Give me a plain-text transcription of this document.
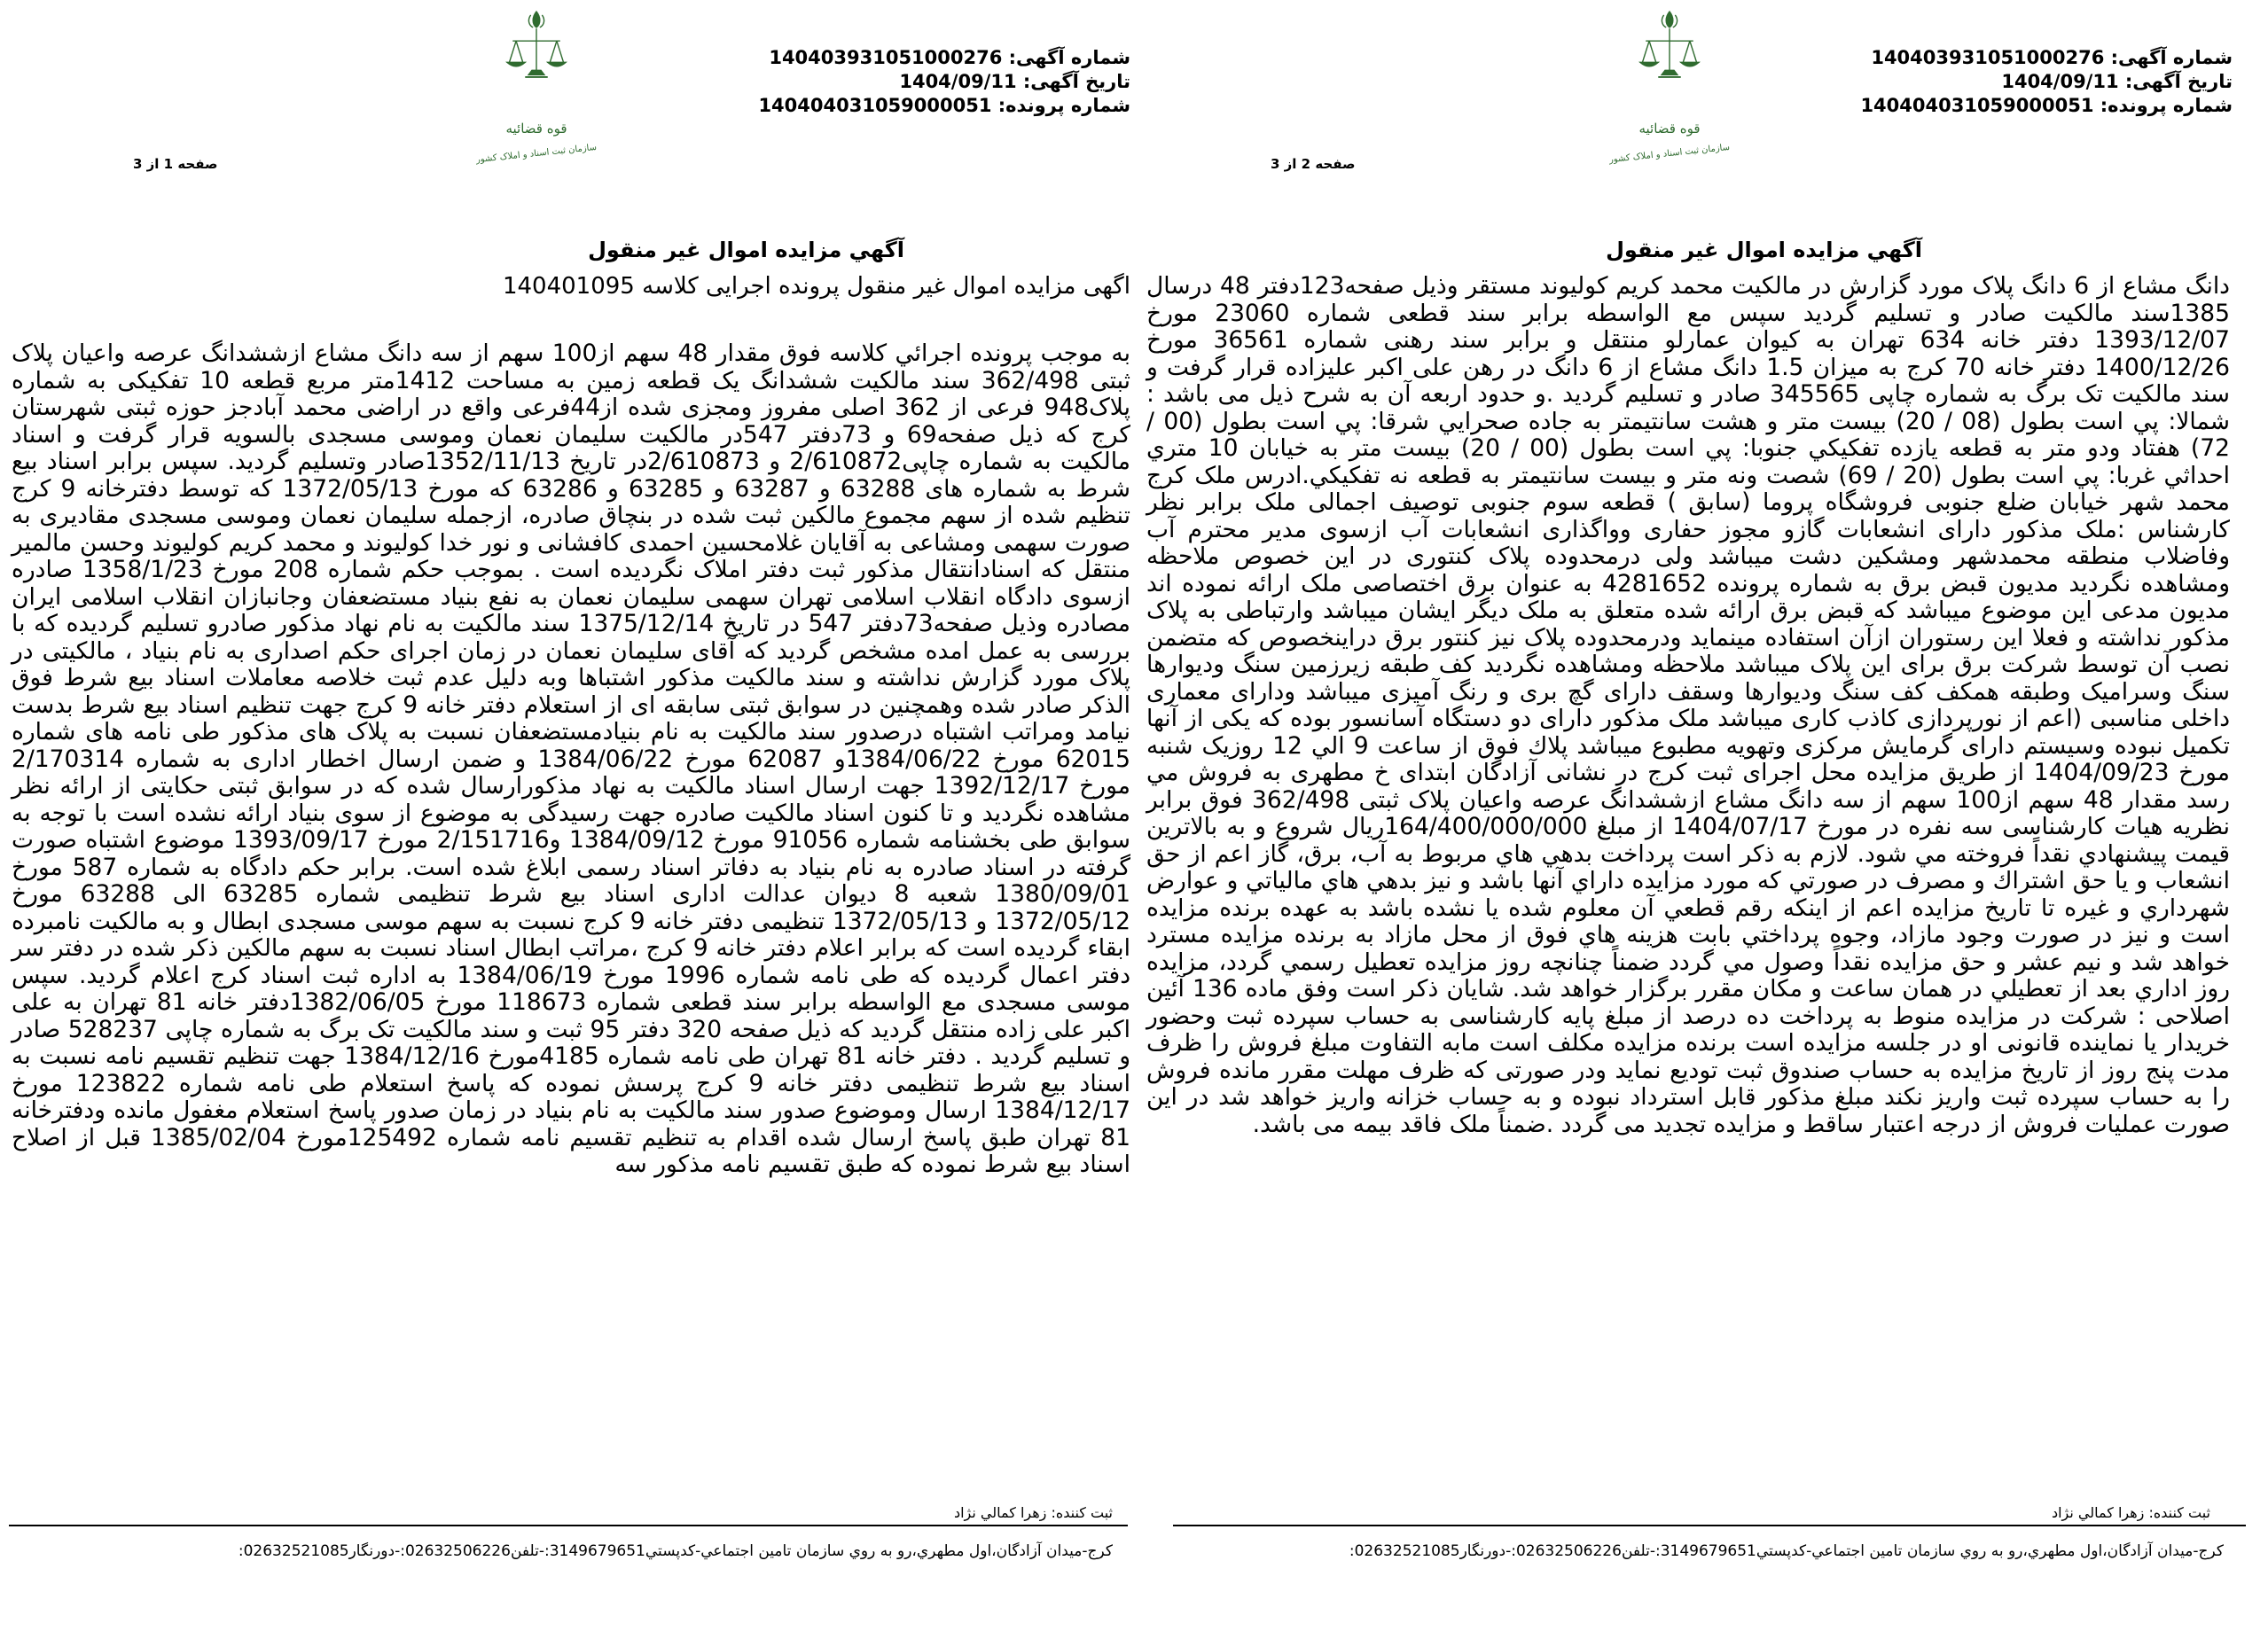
شماره آگهی: 140403931051000276
تاریخ آگهی: 1404/09/11
شماره پرونده: 140404031059000051
قوه قضائیه
سازمان ثبت اسناد و املاک کشور
صفحه 2 از 3
آگهي مزايده اموال غير منقول
دانگ مشاع از 6 دانگ پلاک مورد گزارش در مالکیت محمد کریم کولیوند مستقر وذیل صفحه123دفتر 48 درسال 1385سند مالکیت صادر و تسلیم گردید سپس مع الواسطه برابر سند قطعی شماره 23060 مورخ 1393/12/07 دفتر خانه 634 تهران به کیوان عمارلو منتقل و برابر سند رهنی شماره 36561 مورخ 1400/12/26 دفتر خانه 70 کرج به میزان 1.5 دانگ مشاع از 6 دانگ در رهن علی اکبر علیزاده قرار گرفت و سند مالکیت تک برگ به شماره چاپی 345565 صادر و تسلیم گردید .و حدود اربعه آن به شرح ذیل می باشد : شمالا: پي است بطول (08 / 20) بيست متر و هشت سانتيمتر به جاده صحرايي شرقا: پي است بطول (00 / 72) هفتاد ودو متر به قطعه يازده تفكيكي جنوبا: پي است بطول (00 / 20) بيست متر به خيابان 10 متري احداثي غربا: پي است بطول (20 / 69) شصت ونه متر و بيست سانتيمتر به قطعه نه تفكيكي.ادرس ملک کرج محمد شهر خیابان ضلع جنوبی فروشگاه پروما (سابق ) قطعه سوم جنوبی توصیف اجمالی ملک برابر نظر کارشناس :ملک مذکور دارای انشعابات گازو مجوز حفاری وواگذاری انشعابات آب ازسوی مدیر محترم آب وفاضلاب منطقه محمدشهر ومشکین دشت میباشد ولی درمحدوده پلاک کنتوری در این خصوص ملاحظه ومشاهده نگردید مدیون قبض برق به شماره پرونده 4281652 به عنوان برق اختصاصی ملک ارائه نموده اند مدیون مدعی این موضوع میباشد که قبض برق ارائه شده متعلق به ملک دیگر ایشان میباشد وارتباطی به پلاک مذکور نداشته و فعلا این رستوران ازآن استفاده مینماید ودرمحدوده پلاک نیز کنتور برق دراینخصوص که متضمن نصب آن توسط شرکت برق برای این پلاک میباشد ملاحظه ومشاهده نگردید کف طبقه زیرزمین سنگ ودیوارها سنگ وسرامیک وطبقه همکف کف سنگ ودیوارها وسقف دارای گچ بری و رنگ آمیزی میباشد ودارای معماری داخلی مناسبی (اعم از نورپردازی کاذب کاری میباشد ملک مذکور دارای دو دستگاه آسانسور بوده که یکی از آنها تکمیل نبوده وسیستم دارای گرمایش مرکزی وتهویه مطبوع میباشد پلاك فوق از ساعت 9 الي 12 روزيک شنبه مورخ 1404/09/23 از طريق مزايده محل اجرای ثبت کرج در نشانی آزادگان ابتدای خ مطهری به فروش مي رسد مقدار 48 سهم از100 سهم از سه دانگ مشاع ازششدانگ عرصه واعیان پلاک ثبتی 362/498 فوق برابر نظريه هيات كارشناسی سه نفره در مورخ 1404/07/17 از مبلغ 164/400/000/000ريال شروع و به بالاترين قيمت پيشنهادي نقداً فروخته مي شود. لازم به ذكر است پرداخت بدهي هاي مربوط به آب، برق، گاز اعم از حق انشعاب و يا حق اشتراك و مصرف در صورتي كه مورد مزايده داراي آنها باشد و نيز بدهي هاي مالياتي و عوارض شهرداري و غيره تا تاريخ مزايده اعم از اينكه رقم قطعي آن معلوم شده يا نشده باشد به عهده برنده مزايده است و نيز در صورت وجود مازاد، وجوه پرداختي بابت هزينه هاي فوق از محل مازاد به برنده مزايده مسترد خواهد شد و نيم عشر و حق مزايده نقداً وصول مي گردد ضمناً چنانچه روز مزايده تعطيل رسمي گردد، مزايده روز اداري بعد از تعطيلي در همان ساعت و مكان مقرر برگزار خواهد شد. شایان ذکر است وفق ماده 136 آئین اصلاحی : شرکت در مزایده منوط به پرداخت ده درصد از مبلغ پایه کارشناسی به حساب سپرده ثبت وحضور خریدار یا نماینده قانونی او در جلسه مزایده است برنده مزایده مکلف است مابه التفاوت مبلغ فروش را ظرف مدت پنج روز از تاریخ مزایده به حساب صندوق ثبت تودیع نماید ودر صورتی که ظرف مهلت مقرر مانده فروش را به حساب سپرده ثبت واریز نکند مبلغ مذکور قابل استرداد نبوده و به حساب خزانه واریز خواهد شد در این صورت عملیات فروش از درجه اعتبار ساقط و مزایده تجدید می گردد .ضمناً ملک فاقد بیمه می باشد.
ثبت کننده: زهرا کمالي نژاد
کرج-میدان آزادگان،اول مطهري،رو به روي سازمان تامين اجتماعي-کدپستي3149679651:-تلفن02632506226:-دورنگار02632521085:
شماره آگهی: 140403931051000276
تاریخ آگهی: 1404/09/11
شماره پرونده: 140404031059000051
قوه قضائیه
سازمان ثبت اسناد و املاک کشور
صفحه 1 از 3
آگهي مزايده اموال غير منقول
اگهی مزایده اموال غیر منقول پرونده اجرایی کلاسه 140401095
به موجب پرونده اجرائي كلاسه فوق مقدار 48 سهم از100 سهم از سه دانگ مشاع ازششدانگ عرصه واعیان پلاک ثبتی 362/498 سند مالکیت ششدانگ یک قطعه زمین به مساحت 1412متر مربع قطعه 10 تفکیکی به شماره پلاک948 فرعی از 362 اصلی مفروز ومجزی شده از44فرعی واقع در اراضی محمد آبادجز حوزه ثبتی شهرستان کرج که ذیل صفحه69 و 73دفتر 547در مالکیت سلیمان نعمان وموسی مسجدی بالسویه قرار گرفت و اسناد مالکیت به شماره چاپی2/610872 و 2/610873در تاریخ 1352/11/13صادر وتسلیم گردید. سپس برابر اسناد بیع شرط به شماره های 63288 و 63287 و 63285 و 63286 که مورخ 1372/05/13 که توسط دفترخانه 9 کرج تنظیم شده از سهم مجموع مالکین ثبت شده در بنچاق صادره، ازجمله سلیمان نعمان وموسی مسجدی مقادیری به صورت سهمی ومشاعی به آقایان غلامحسین احمدی کافشانی و نور خدا کولیوند و محمد کریم کولیوند وحسن مالمیر منتقل که اسنادانتقال مذکور ثبت دفتر املاک نگردیده است . بموجب حکم شماره 208 مورخ 1358/1/23 صادره ازسوی دادگاه انقلاب اسلامی تهران سهمی سلیمان نعمان به نفع بنیاد مستضعفان وجانبازان انقلاب اسلامی ایران مصادره وذیل صفحه73دفتر 547 در تاریخ 1375/12/14 سند مالکیت به نام نهاد مذکور صادرو تسلیم گردیده که با بررسی به عمل امده مشخص گردید که آقای سلیمان نعمان در زمان اجرای حکم اصداری به نام بنیاد ، مالکیتی در پلاک مورد گزارش نداشته و سند مالکیت مذکور اشتباها وبه دلیل عدم ثبت خلاصه معاملات اسناد بیع شرط فوق الذکر صادر شده وهمچنین در سوابق ثبتی سابقه ای از استعلام دفتر خانه 9 کرج جهت تنظیم اسناد بیع شرط بدست نیامد ومراتب اشتباه درصدور سند مالکیت به نام بنیادمستضعفان نسبت به پلاک های مذکور طی نامه های شماره 62015 مورخ 1384/06/22و 62087 مورخ 1384/06/22 و ضمن ارسال اخطار اداری به شماره 2/170314 مورخ 1392/12/17 جهت ارسال اسناد مالکیت به نهاد مذکورارسال شده که در سوابق ثبتی حکایتی از ارائه نظر مشاهده نگردید و تا کنون اسناد مالکیت صادره جهت رسیدگی به موضوع از سوی بنیاد ارائه نشده است با توجه به سوابق طی بخشنامه شماره 91056 مورخ 1384/09/12 و2/151716 مورخ 1393/09/17 موضوع اشتباه صورت گرفته در اسناد صادره به نام بنیاد به دفاتر اسناد رسمی ابلاغ شده است. برابر حکم دادگاه به شماره 587 مورخ 1380/09/01 شعبه 8 دیوان عدالت اداری اسناد بیع شرط تنظیمی شماره 63285 الی 63288 مورخ 1372/05/12 و 1372/05/13 تنظیمی دفتر خانه 9 کرج نسبت به سهم موسی مسجدی ابطال و به مالکیت نامبرده ابقاء گردیده است که برابر اعلام دفتر خانه 9 کرج ،مراتب ابطال اسناد نسبت به سهم مالکین ذکر شده در دفتر سر دفتر اعمال گردیده که طی نامه شماره 1996 مورخ 1384/06/19 به اداره ثبت اسناد کرج اعلام گردید. سپس موسی مسجدی مع الواسطه برابر سند قطعی شماره 118673 مورخ 1382/06/05دفتر خانه 81 تهران به علی اکبر علی زاده منتقل گردید که ذیل صفحه 320 دفتر 95 ثبت و سند مالکیت تک برگ به شماره چاپی 528237 صادر و تسلیم گردید . دفتر خانه 81 تهران طی نامه شماره 4185مورخ 1384/12/16 جهت تنظیم تقسیم نامه نسبت به اسناد بیع شرط تنظیمی دفتر خانه 9 کرج پرسش نموده که پاسخ استعلام طی نامه شماره 123822 مورخ 1384/12/17 ارسال وموضوع صدور سند مالکیت به نام بنیاد در زمان صدور پاسخ استعلام مغفول مانده ودفترخانه 81 تهران طبق پاسخ ارسال شده اقدام به تنظیم تقسیم نامه شماره 125492مورخ 1385/02/04 قبل از اصلاح اسناد بیع شرط نموده که طبق تقسیم نامه مذکور سه
ثبت کننده: زهرا کمالي نژاد
کرج-میدان آزادگان،اول مطهري،رو به روي سازمان تامين اجتماعي-کدپستي3149679651:-تلفن02632506226:-دورنگار02632521085:
